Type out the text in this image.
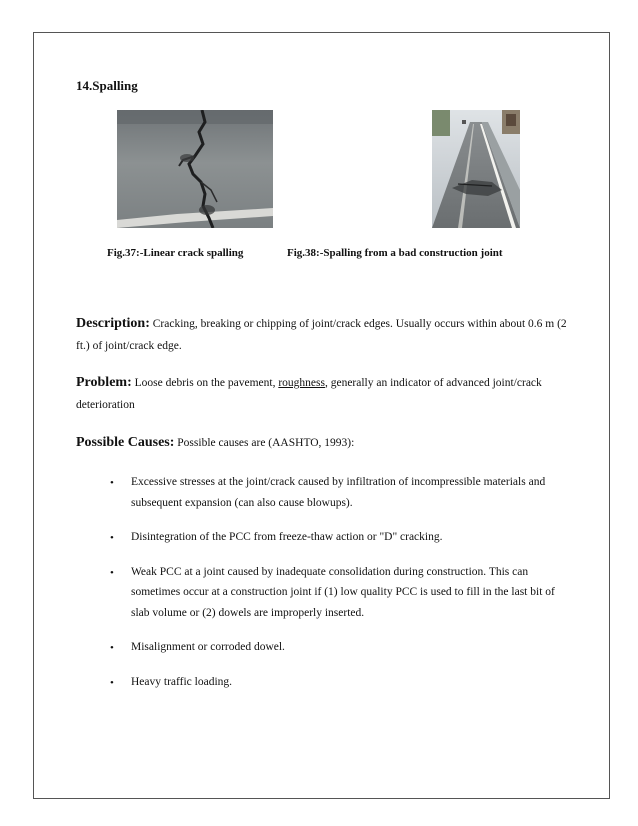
14.Spalling
Fig.37:-Linear crack spalling	Fig.38:-Spalling from a bad construction joint
Description: Cracking, breaking or chipping of joint/crack edges. Usually occurs within about 0.6 m (2 ft.) of joint/crack edge.
Problem: Loose debris on the pavement, roughness, generally an indicator of advanced joint/crack deterioration
Possible Causes: Possible causes are (AASHTO, 1993):
• Excessive stresses at the joint/crack caused by infiltration of incompressible materials and subsequent expansion (can also cause blowups).
• Disintegration of the PCC from freeze-thaw action or "D" cracking.
• Weak PCC at a joint caused by inadequate consolidation during construction. This can sometimes occur at a construction joint if (1) low quality PCC is used to fill in the last bit of slab volume or (2) dowels are improperly inserted.
• Misalignment or corroded dowel.
• Heavy traffic loading.
